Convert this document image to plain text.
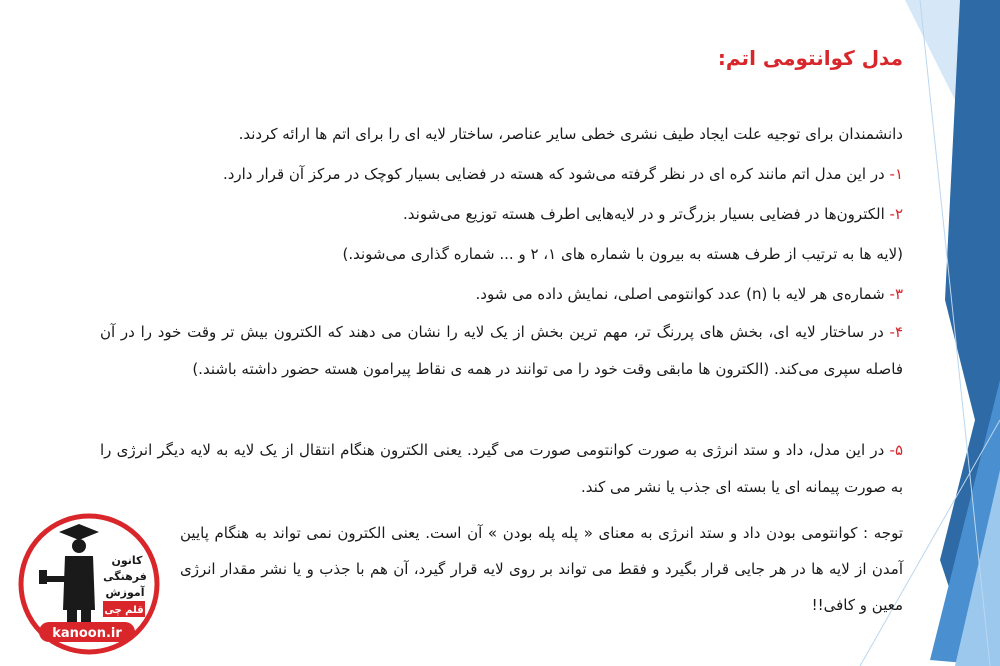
مدل کوانتومی اتم:
دانشمندان برای توجیه علت ایجاد طیف نشری خطی سایر عناصر، ساختار لایه ای را برای اتم ها ارائه کردند.
۱- در این مدل اتم مانند کره ای در نظر گرفته می‌شود که هسته در فضایی بسیار کوچک در مرکز آن قرار دارد.
۲- الکترون‌ها در فضایی بسیار بزرگ‌تر و در لایه‌هایی اطرف هسته توزیع می‌شوند.
(لایه ها به ترتیب از طرف هسته به بیرون با شماره های ۱، ۲ و ... شماره گذاری می‌شوند.)
۳- شماره‌ی هر لایه با (n) عدد کوانتومی اصلی، نمایش داده می شود.
۴- در ساختار لایه ای، بخش های پررنگ تر، مهم ترین بخش از یک لایه را نشان می دهند که الکترون بیش تر وقت خود را در آن فاصله سپری می‌کند. (الکترون ها مابقی وقت خود را می توانند در همه ی نقاط پیرامون هسته حضور داشته باشند.)
۵- در این مدل، داد و ستد انرژی به صورت کوانتومی صورت می گیرد. یعنی الکترون هنگام انتقال از یک لایه به لایه دیگر انرژی را به صورت پیمانه ای یا بسته ای جذب یا نشر می کند.
توجه : کوانتومی بودن داد و ستد انرژی به معنای « پله پله بودن » آن است. یعنی الکترون نمی تواند به هنگام پایین آمدن از لایه ها در هر جایی قرار بگیرد و فقط می تواند بر روی لایه قرار گیرد، آن هم با جذب و یا نشر مقدار انرژی معین و کافی!!
کانون
فرهنگی
آموزش
قلم چی
kanoon.ir
